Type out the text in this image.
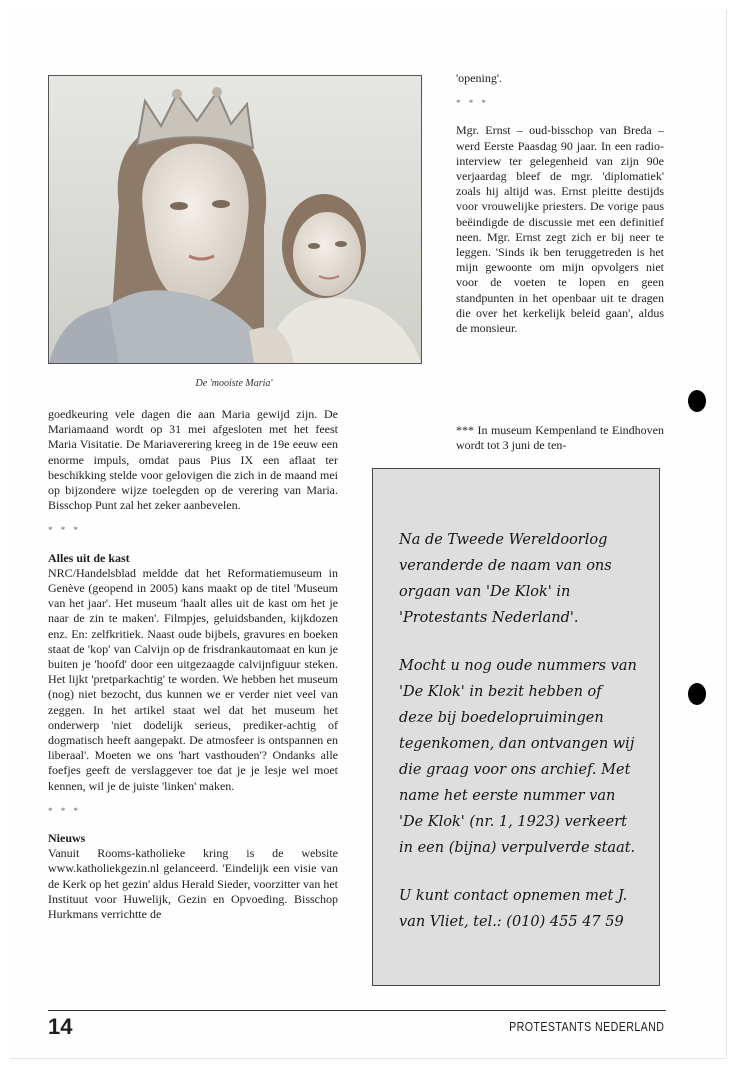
De 'mooiste Maria'

goedkeuring vele dagen die aan Maria gewijd zijn. De Mariamaand wordt op 31 mei afgesloten met het feest Maria Visitatie. De Mariaverering kreeg in de 19e eeuw een enorme impuls, omdat paus Pius IX een aflaat ter beschikking stelde voor gelovigen die zich in de maand mei op bijzondere wijze toelegden op de verering van Maria. Bisschop Punt zal het zeker aanbevelen.

* * *

Alles uit de kast

NRC/Handelsblad meldde dat het Reformatiemuseum in Genève (geopend in 2005) kans maakt op de titel 'Museum van het jaar'. Het museum 'haalt alles uit de kast om het je naar de zin te maken'. Filmpjes, geluidsbanden, kijkdozen enz. En: zelfkritiek. Naast oude bijbels, gravures en boeken staat de 'kop' van Calvijn op de frisdrankautomaat en kun je buiten je 'hoofd' door een uitgezaagde calvijnfiguur steken. Het lijkt 'pretparkachtig' te worden. We hebben het museum (nog) niet bezocht, dus kunnen we er verder niet veel van zeggen. In het artikel staat wel dat het museum het onderwerp 'niet dodelijk serieus, prediker-achtig of dogmatisch heeft aangepakt. De atmosfeer is ontspannen en liberaal'. Moeten we ons 'hart vasthouden'? Ondanks alle foefjes geeft de verslaggever toe dat je je lesje wel moet kennen, wil je de juiste 'linken' maken.

* * *

Nieuws

Vanuit Rooms-katholieke kring is de website www.katholiekgezin.nl gelanceerd. 'Eindelijk een visie van de Kerk op het gezin' aldus Herald Sieder, voorzitter van het Instituut voor Huwelijk, Gezin en Opvoeding. Bisschop Hurkmans verrichtte de

'opening'.

* * *

Mgr. Ernst – oud-bisschop van Breda – werd Eerste Paasdag 90 jaar. In een radio-interview ter gelegenheid van zijn 90e verjaardag bleef de mgr. 'diplomatiek' zoals hij altijd was. Ernst pleitte destijds voor vrouwelijke priesters. De vorige paus beëindigde de discussie met een definitief neen. Mgr. Ernst zegt zich er bij neer te leggen. 'Sinds ik ben teruggetreden is het mijn gewoonte om mijn opvolgers niet voor de voeten te lopen en geen standpunten in het openbaar uit te dragen die over het kerkelijk beleid gaan', aldus de monsieur.

*** In museum Kempenland te Eindhoven wordt tot 3 juni de ten-

Na de Tweede Wereldoorlog veranderde de naam van ons orgaan van 'De Klok' in 'Protestants Nederland'.

Mocht u nog oude nummers van 'De Klok' in bezit hebben of deze bij boedelopruimingen tegenkomen, dan ontvangen wij die graag voor ons archief. Met name het eerste nummer van 'De Klok' (nr. 1, 1923) verkeert in een (bijna) verpulverde staat.

U kunt contact opnemen met J. van Vliet, tel.: (010) 455 47 59

14	PROTESTANTS NEDERLAND
